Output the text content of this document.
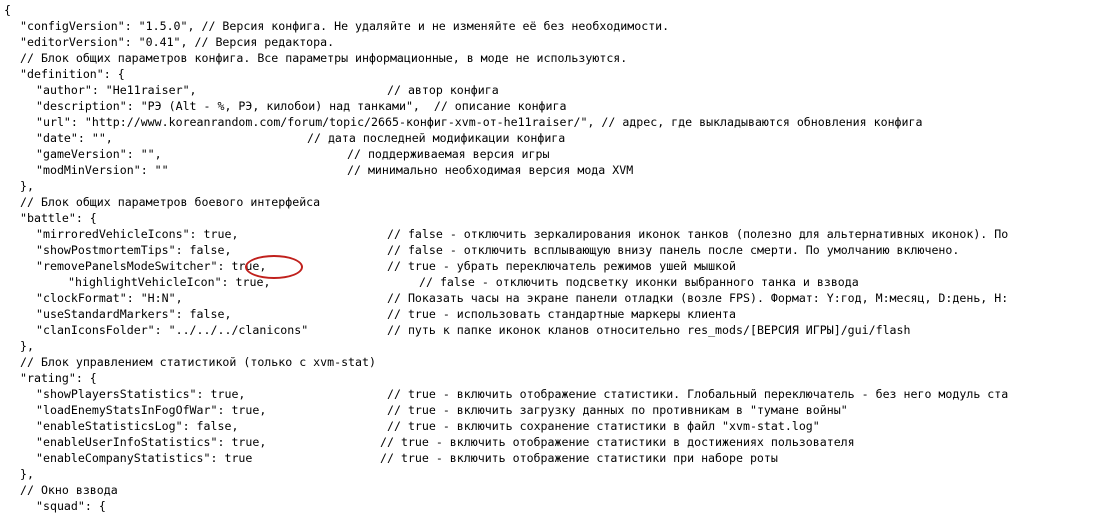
{
"configVersion": "1.5.0", // Версия конфига. Не удаляйте и не изменяйте её без необходимости.
"editorVersion": "0.41", // Версия редактора.
// Блок общих параметров конфига. Все параметры информационные, в моде не используются.
"definition": {
"author": "He11raiser",	// автор конфига
"description": "РЭ (Alt - %, РЭ, килобои) над танками",  // описание конфига
"url": "http://www.koreanrandom.com/forum/topic/2665-конфиг-xvm-от-he11raiser/", // адрес, где выкладываются обновления конфига
"date": "",	// дата последней модификации конфига
"gameVersion": "",	// поддерживаемая версия игры
"modMinVersion": ""	// минимально необходимая версия мода XVM
},
// Блок общих параметров боевого интерфейса
"battle": {
"mirroredVehicleIcons": true,	// false - отключить зеркалирования иконок танков (полезно для альтернативных иконок). По
"showPostmortemTips": false,	// false - отключить всплывающую внизу панель после смерти. По умолчанию включено.
"removePanelsModeSwitcher": true,	// true - убрать переключатель режимов ушей мышкой
"highlightVehicleIcon": true,	// false - отключить подсветку иконки выбранного танка и взвода
"clockFormat": "H:N",	// Показать часы на экране панели отладки (возле FPS). Формат: Y:год, M:месяц, D:день, H:
"useStandardMarkers": false,	// true - использовать стандартные маркеры клиента
"clanIconsFolder": "../../../clanicons"	// путь к папке иконок кланов относительно res_mods/[ВЕРСИЯ ИГРЫ]/gui/flash
},
// Блок управлением статистикой (только с xvm-stat)
"rating": {
"showPlayersStatistics": true,	// true - включить отображение статистики. Глобальный переключатель - без него модуль ста
"loadEnemyStatsInFogOfWar": true,	// true - включить загрузку данных по противникам в "тумане войны"
"enableStatisticsLog": false,	// true - включить сохранение статистики в файл "xvm-stat.log"
"enableUserInfoStatistics": true,	// true - включить отображение статистики в достижениях пользователя
"enableCompanyStatistics": true	// true - включить отображение статистики при наборе роты
},
// Окно взвода
"squad": {
